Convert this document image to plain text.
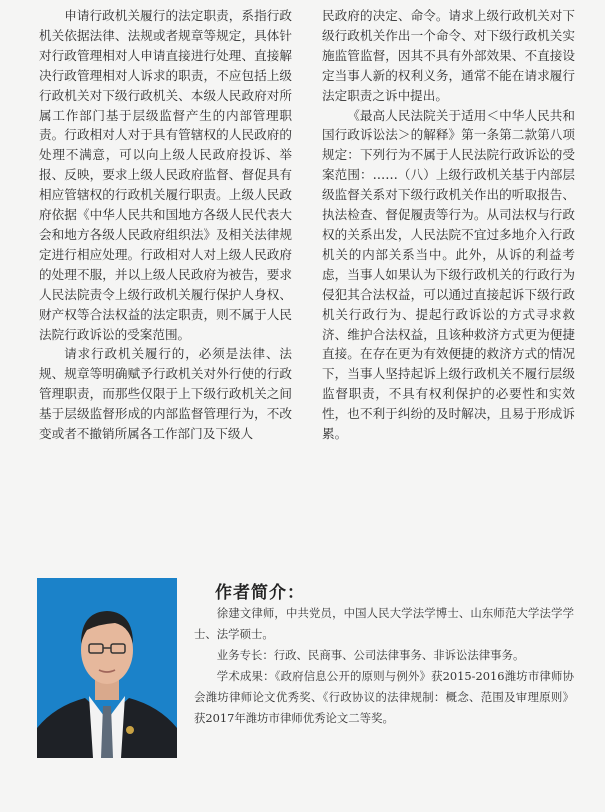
申请行政机关履行的法定职责，系指行政机关依据法律、法规或者规章等规定，具体针对行政管理相对人申请直接进行处理、直接解决行政管理相对人诉求的职责，不应包括上级行政机关对下级行政机关、本级人民政府对所属工作部门基于层级监督产生的内部管理职责。行政相对人对于具有管辖权的人民政府的处理不满意，可以向上级人民政府投诉、举报、反映，要求上级人民政府监督、督促具有相应管辖权的行政机关履行职责。上级人民政府依据《中华人民共和国地方各级人民代表大会和地方各级人民政府组织法》及相关法律规定进行相应处理。行政相对人对上级人民政府的处理不服，并以上级人民政府为被告，要求人民法院责令上级行政机关履行保护人身权、财产权等合法权益的法定职责，则不属于人民法院行政诉讼的受案范围。

请求行政机关履行的，必须是法律、法规、规章等明确赋予行政机关对外行使的行政管理职责，而那些仅限于上下级行政机关之间基于层级监督形成的内部监督管理行为，不改变或者不撤销所属各工作部门及下级人

民政府的决定、命令。请求上级行政机关对下级行政机关作出一个命令、对下级行政机关实施监管监督，因其不具有外部效果、不直接设定当事人新的权利义务，通常不能在请求履行法定职责之诉中提出。

《最高人民法院关于适用＜中华人民共和国行政诉讼法＞的解释》第一条第二款第八项规定：下列行为不属于人民法院行政诉讼的受案范围：……（八）上级行政机关基于内部层级监督关系对下级行政机关作出的听取报告、执法检查、督促履责等行为。从司法权与行政权的关系出发，人民法院不宜过多地介入行政机关的内部关系当中。此外，从诉的利益考虑，当事人如果认为下级行政机关的行政行为侵犯其合法权益，可以通过直接起诉下级行政机关行政行为、提起行政诉讼的方式寻求救济、维护合法权益，且该种救济方式更为便捷直接。在存在更为有效便捷的救济方式的情况下，当事人坚持起诉上级行政机关不履行层级监督职责，不具有权利保护的必要性和实效性，也不利于纠纷的及时解决，且易于形成诉累。

作者简介：

徐建文律师，中共党员，中国人民大学法学博士、山东师范大学法学学士、法学硕士。

业务专长：行政、民商事、公司法律事务、非诉讼法律事务。

学术成果：《政府信息公开的原则与例外》获2015-2016潍坊市律师协会潍坊律师论文优秀奖、《行政协议的法律规制：概念、范围及审理原则》获2017年潍坊市律师优秀论文二等奖。
